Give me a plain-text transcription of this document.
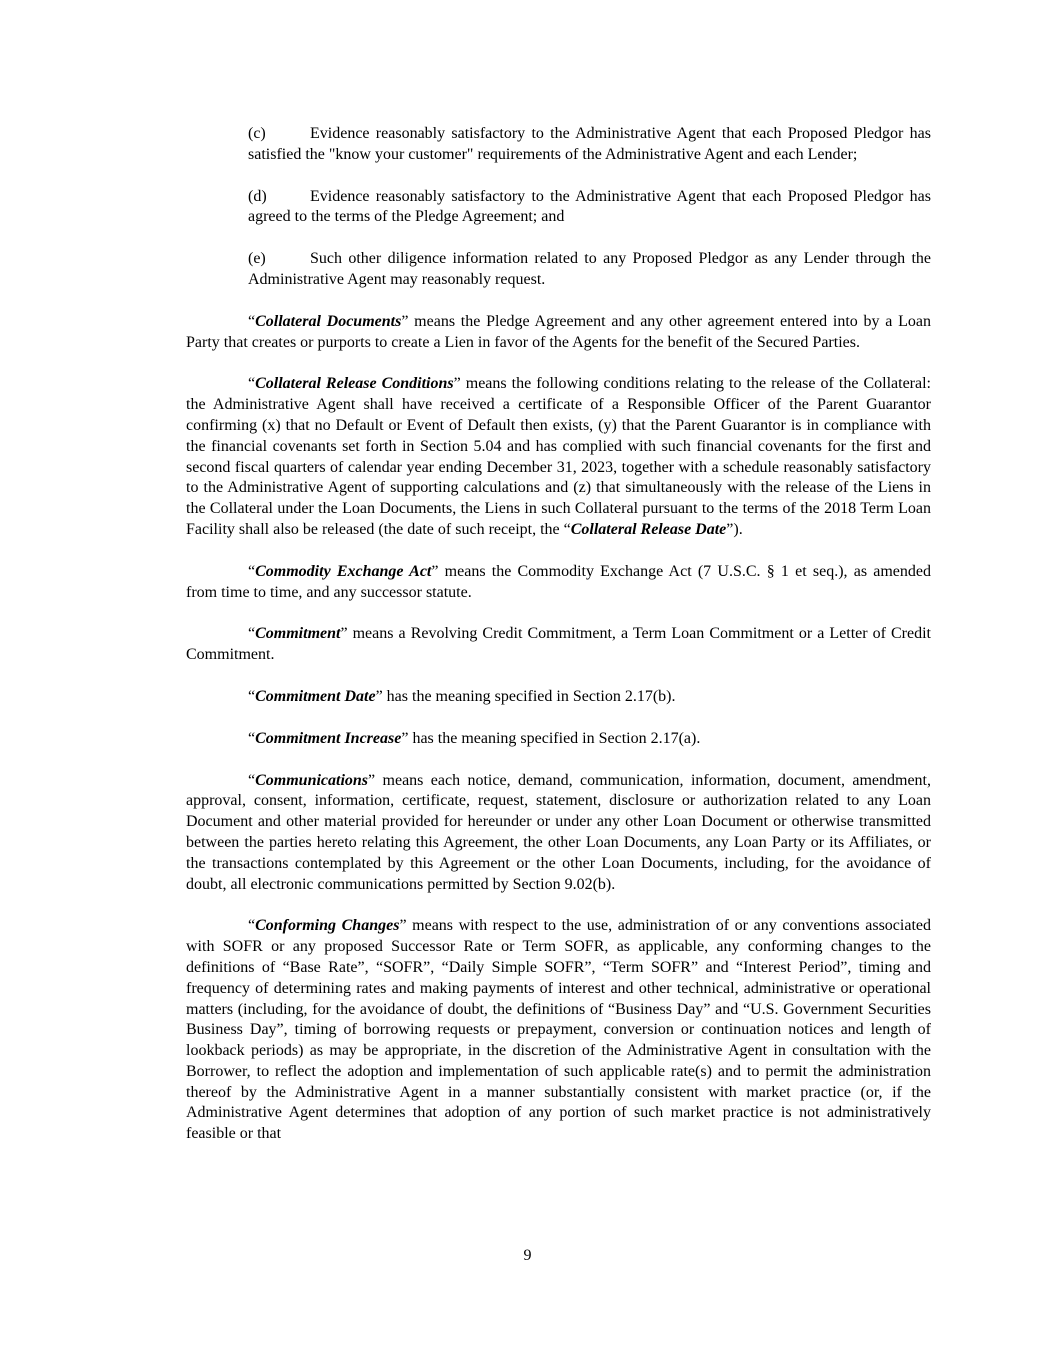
(c)	Evidence reasonably satisfactory to the Administrative Agent that each Proposed Pledgor has satisfied the "know your customer" requirements of the Administrative Agent and each Lender;

(d)	Evidence reasonably satisfactory to the Administrative Agent that each Proposed Pledgor has agreed to the terms of the Pledge Agreement; and

(e)	Such other diligence information related to any Proposed Pledgor as any Lender through the Administrative Agent may reasonably request.

“Collateral Documents” means the Pledge Agreement and any other agreement entered into by a Loan Party that creates or purports to create a Lien in favor of the Agents for the benefit of the Secured Parties.

“Collateral Release Conditions” means the following conditions relating to the release of the Collateral: the Administrative Agent shall have received a certificate of a Responsible Officer of the Parent Guarantor confirming (x) that no Default or Event of Default then exists, (y) that the Parent Guarantor is in compliance with the financial covenants set forth in Section 5.04 and has complied with such financial covenants for the first and second fiscal quarters of calendar year ending December 31, 2023, together with a schedule reasonably satisfactory to the Administrative Agent of supporting calculations and (z) that simultaneously with the release of the Liens in the Collateral under the Loan Documents, the Liens in such Collateral pursuant to the terms of the 2018 Term Loan Facility shall also be released (the date of such receipt, the “Collateral Release Date”).

“Commodity Exchange Act” means the Commodity Exchange Act (7 U.S.C. § 1 et seq.), as amended from time to time, and any successor statute.

“Commitment” means a Revolving Credit Commitment, a Term Loan Commitment or a Letter of Credit Commitment.

“Commitment Date” has the meaning specified in Section 2.17(b).

“Commitment Increase” has the meaning specified in Section 2.17(a).

“Communications” means each notice, demand, communication, information, document, amendment, approval, consent, information, certificate, request, statement, disclosure or authorization related to any Loan Document and other material provided for hereunder or under any other Loan Document or otherwise transmitted between the parties hereto relating this Agreement, the other Loan Documents, any Loan Party or its Affiliates, or the transactions contemplated by this Agreement or the other Loan Documents, including, for the avoidance of doubt, all electronic communications permitted by Section 9.02(b).

“Conforming Changes” means with respect to the use, administration of or any conventions associated with SOFR or any proposed Successor Rate or Term SOFR, as applicable, any conforming changes to the definitions of “Base Rate”, “SOFR”, “Daily Simple SOFR”, “Term SOFR” and “Interest Period”, timing and frequency of determining rates and making payments of interest and other technical, administrative or operational matters (including, for the avoidance of doubt, the definitions of “Business Day” and “U.S. Government Securities Business Day”, timing of borrowing requests or prepayment, conversion or continuation notices and length of lookback periods) as may be appropriate, in the discretion of the Administrative Agent in consultation with the Borrower, to reflect the adoption and implementation of such applicable rate(s) and to permit the administration thereof by the Administrative Agent in a manner substantially consistent with market practice (or, if the Administrative Agent determines that adoption of any portion of such market practice is not administratively feasible or that

9
